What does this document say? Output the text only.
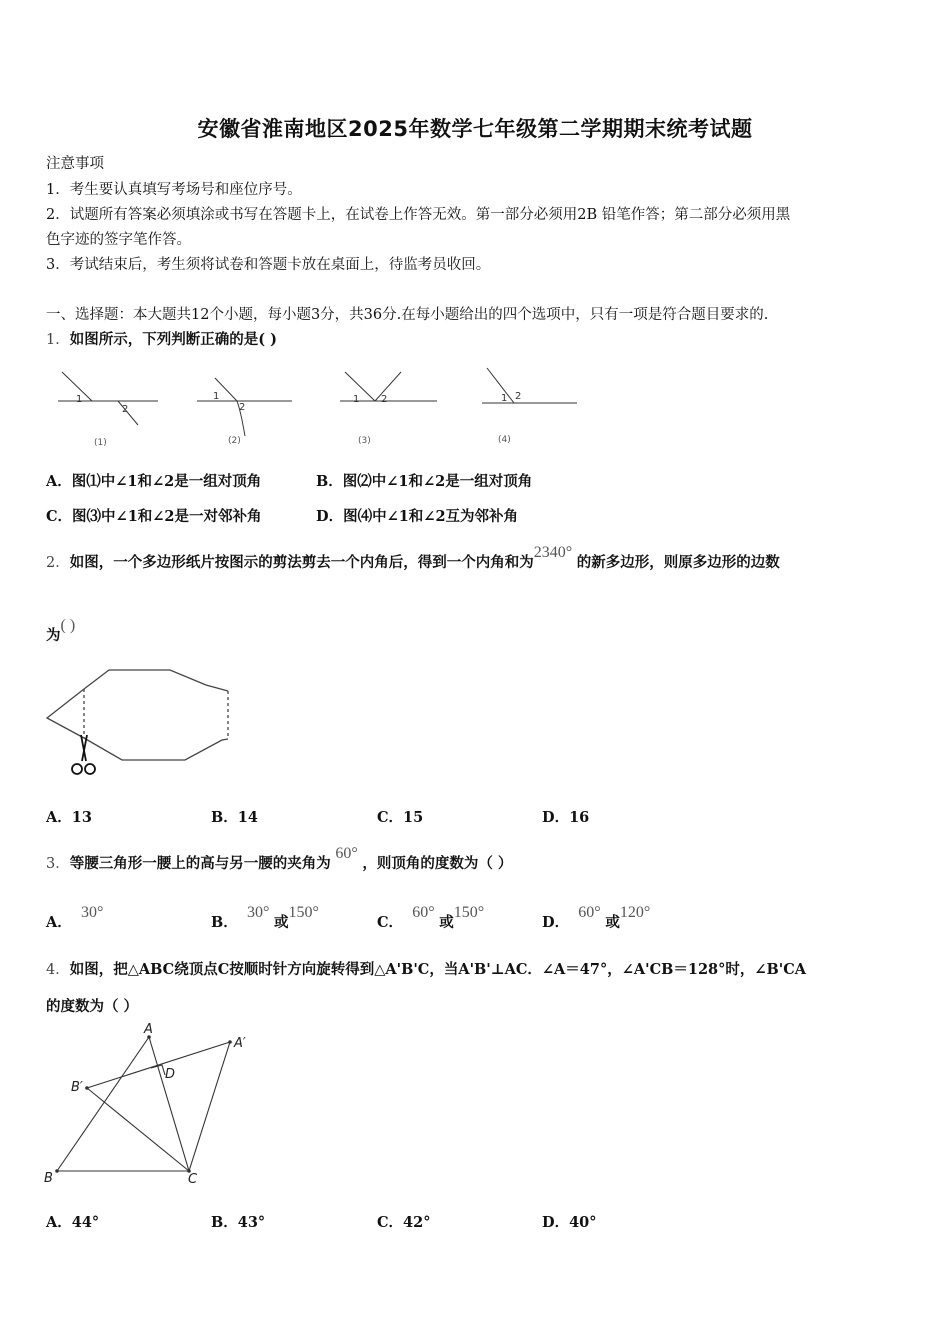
安徽省淮南地区2025年数学七年级第二学期期末统考试题
注意事项
1．考生要认真填写考场号和座位序号。
2．试题所有答案必须填涂或书写在答题卡上，在试卷上作答无效。第一部分必须用2B 铅笔作答；第二部分必须用黑
色字迹的签字笔作答。
3．考试结束后，考生须将试卷和答题卡放在桌面上，待监考员收回。
一、选择题：本大题共12个小题，每小题3分，共36分.在每小题给出的四个选项中，只有一项是符合题目要求的.
1．如图所示，下列判断正确的是( )
1
2
1
2
1 2	1 2
(1)	(2)	(3)	(4)
A．图⑴中∠1和∠2是一组对顶角	B．图⑵中∠1和∠2是一组对顶角
C．图⑶中∠1和∠2是一对邻补角	D．图⑷中∠1和∠2互为邻补角
2．如图，一个多边形纸片按图示的剪法剪去一个内角后，得到一个内角和为2340° 的新多边形，则原多边形的边数
为( )
A．13	B．14	C．15	D．16
3．等腰三角形一腰上的高与另一腰的夹角为 60° ，则顶角的度数为（ ）
A．  30°
B．  30° 或150°
C．  60° 或150°
D．  60° 或120°
4．如图，把△ABC绕顶点C按顺时针方向旋转得到△A'B'C，当A'B'⊥AC．∠A＝47°，∠A'CB＝128°时，∠B'CA
的度数为（ ）
A
A′
B′
D
B	C
A．44°	B．43°	C．42°	D．40°
